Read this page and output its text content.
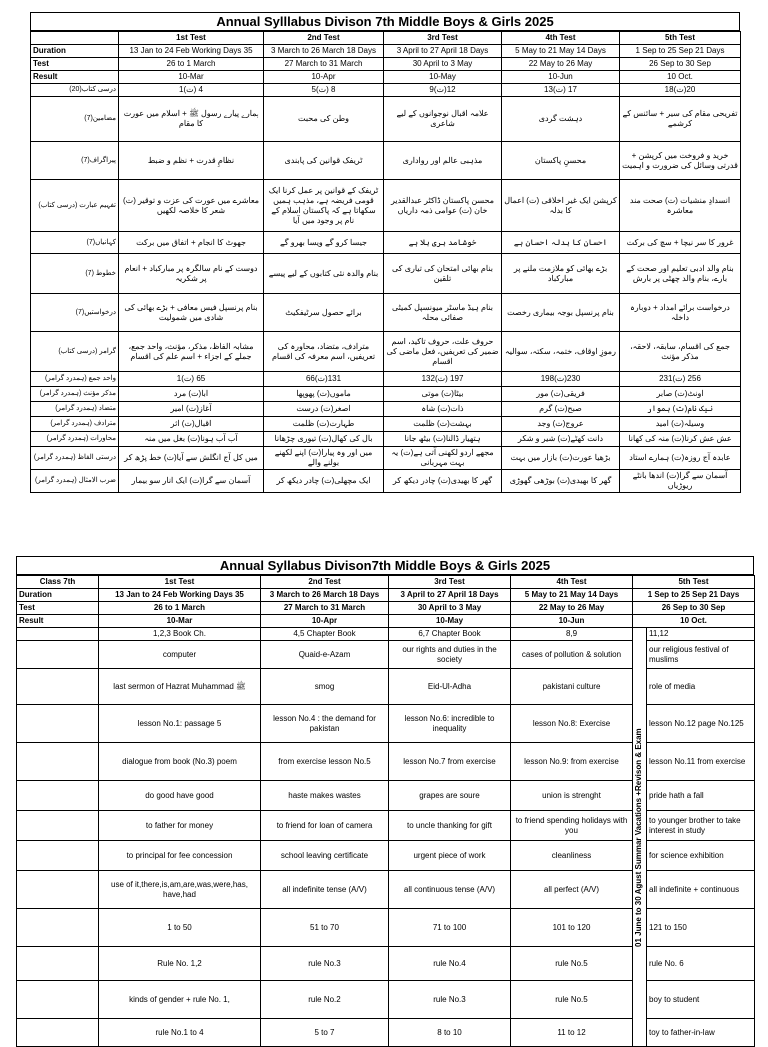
Annual Sylllabus Divison 7th Middle Boys & Girls 2025
	1st Test	2nd Test	3rd Test	4th Test	5th Test
Duration	13 Jan to 24 Feb Working Days 35	3 March to 26 March 18 Days	3 April to 27 April 18 Days	5 May to 21 May 14 Days	1 Sep to 25 Sep 21 Days
Test	26 to 1 March	27 March to 31 March	30 April to 3 May	22 May to 26 May	26 Sep to 30 Sep
Result	10-Mar	10-Apr	10-May	10-Jun	10 Oct.
درسی کتاب(20)	4 (ت)1	8 (ت)5	12(ت)9	17 (ت)13	20(ت)18
مضامین(7)	ہمارے پیارے رسول ﷺ + اسلام میں عورت کا مقام	وطن کی محبت	علامہ اقبال نوجوانوں کے لیے شاعری	دہشت گردی	تفریحی مقام کی سیر + سائنس کے کرشمے
پیراگراف(7)	نظامِ قدرت + نظم و ضبط	ٹریفک قوانین کی پابندی	مذہبی عالم اور رواداری	محسنِ پاکستان	خرید و فروخت میں کرپشن + قدرتی وسائل کی ضرورت و اہمیت
تفہیم عبارت (درسی کتاب)	معاشرے میں عورت کی عزت و توقیر (ت) شعر کا خلاصہ لکھیں	ٹریفک کے قوانین پر عمل کرنا ایک قومی فریضہ ہے، مذہب ہمیں سکھاتا ہے کہ پاکستان اسلام کے نام پر وجود میں آیا	محسن پاکستان ڈاکٹر عبدالقدیر خان (ت) عوامی ذمہ داریاں	کرپشن ایک غیر اخلاقی (ت) اعمال کا بدلہ	انسدادِ منشیات (ت) صحت مند معاشرہ
کہانیاں(7)	جھوٹ کا انجام + اتفاق میں برکت	جیسا کرو گے ویسا بھرو گے	خوشامد بری بلا ہے	احسان کا بدلہ احسان ہے	غرور کا سر نیچا + سچ کی برکت
خطوط (7)	دوست کے نام سالگرہ پر مبارکباد + انعام پر شکریہ	بنام والدہ نئی کتابوں کے لیے پیسے	بنام بھائی امتحان کی تیاری کی تلقین	بڑے بھائی کو ملازمت ملنے پر مبارکباد	بنام والد ادبی تعلیم اور صحت کے بارے، بنام والد چھٹی پر بارش
درخواستیں(7)	بنام پرنسپل فیس معافی + بڑے بھائی کی شادی میں شمولیت	برائے حصول سرٹیفکیٹ	بنام ہیڈ ماسٹر میونسپل کمیٹی صفائی محلہ	بنام پرنسپل بوجہ بیماری رخصت	درخواست برائے امداد + دوبارہ داخلہ
گرامر (درسی کتاب)	مشابہ الفاظ، مذکر، مؤنث، واحد جمع، جملے کے اجزاء + اسم علم کی اقسام	مترادف، متضاد، محاورہ کی تعریفیں، اسم معرفہ کی اقسام	حروف علت، حروف تاکید، اسم ضمیر کی تعریفیں، فعل ماضی کی اقسام	رموزِ اوقاف، ختمہ، سکتہ، سوالیہ	جمع کی اقسام، سابقہ، لاحقہ، مذکر مؤنث
واحد جمع (ہمدرد گرامر)	65 (ت)1	131(ت)66	197 (ت)132	230(ت)198	256 (ت)231
مذکر مؤنث (ہمدرد گرامر)	ابا(ت) مرد	ماموں(ت) پھوپھا	بیٹا(ت) موتی	فریقی(ت) مور	اونٹ(ت) صابر
متضاد (ہمدرد گرامر)	آغاز(ت) امیر	اصغر(ت) درست	ذات(ت) شاہ	صبح(ت) گرم	نیک نام(ت) ہموار
مترادف (ہمدرد گرامر)	اقبال(ت) اثر	طہارت(ت) ظلمت	بہشت(ت) ظلمت	عروج(ت) وجد	وسیلہ(ت) امید
محاورات (ہمدرد گرامر)	آب آب ہونا(ت) بغل میں منہ	بال کی کھال(ت) تیوری چڑھانا	ہتھیار ڈالنا(ت) بیٹھ جانا	دانت کھٹے(ت) شیر و شکر	عش عش کرنا(ت) منہ کی کھانا
درستی الفاظ (ہمدرد گرامر)	میں کل آج انگلش سے آیا(ت) خط پڑھ کر	میں اور وہ پیارا(ت) اپنے لکھنے بولنے والے	مجھے اردو لکھنی آتی ہے(ت) یہ بہت مہربانی	بڑھیا عورت(ت) بازار میں بہت	عابدہ آج روزہ(ت) ہمارے استاد
ضرب الامثال (ہمدرد گرامر)	آسمان سے گرا(ت) ایک انار سو بیمار	ایک مچھلی(ت) چادر دیکھ کر	گھر کا بھیدی(ت) چادر دیکھ کر	گھر کا بھیدی(ت) بوڑھی گھوڑی	آسمان سے گرا(ت) اندھا بانٹے ریوڑیاں
Annual Syllabus Divison7th Middle Boys & Girls 2025
Class 7th	1st Test	2nd Test	3rd Test	4th Test	5th Test	
Duration	13 Jan to 24 Feb Working Days 35	3 March to 26 March 18 Days	3 April to 27 April 18 Days	5 May to 21 May 14 Days	1 Sep to 25 Sep 21 Days	
Test	26 to 1 March	27 March to 31 March	30 April to 3 May	22 May to 26 May	26 Sep to 30 Sep	
Result	10-Mar	10-Apr	10-May	10-Jun	10 Oct.	
	1,2,3 Book Ch.	4,5 Chapter Book	6,7 Chapter Book	8,9		11,12
	computer	Quaid-e-Azam	our rights and duties in the society	cases of pollution & solution		our religious festival of muslims
	last sermon of Hazrat Muhammad ﷺ	smog	Eid-Ul-Adha	pakistani culture		role of media
	lesson No.1: passage 5	lesson No.4 : the demand for pakistan	lesson No.6: incredible to inequality	lesson No.8: Exercise		lesson No.12 page No.125
	dialogue from book (No.3) poem	from exercise lesson No.5	lesson No.7 from exercise	lesson No.9: from exercise		lesson No.11 from exercise
	do good have good	haste makes wastes	grapes are soure	union is strenght		pride hath a fall
	to father for money	to friend for loan of camera	to uncle thanking for gift	to friend spending holidays with you		to younger brother to take interest in study
	to principal for fee concession	school leaving certificate	urgent piece of work	cleanliness		for science exhibition
	use of it,there,is,am,are,was,were,has, have,had	all indefinite tense (A/V)	all continuous tense (A/V)	all perfect (A/V)		all indefinite + continuous
	1 to 50	51 to 70	71 to 100	101 to 120		121 to 150
	Rule No. 1,2	rule No.3	rule No.4	rule No.5		rule No. 6
	kinds of gender + rule No. 1,	rule No.2	rule No.3	rule No.5		boy to student
	rule No.1 to 4	5 to 7	8 to 10	11 to 12		toy to father-in-law
01 June to 30 Agust Summar Vacations +Revison & Exam
